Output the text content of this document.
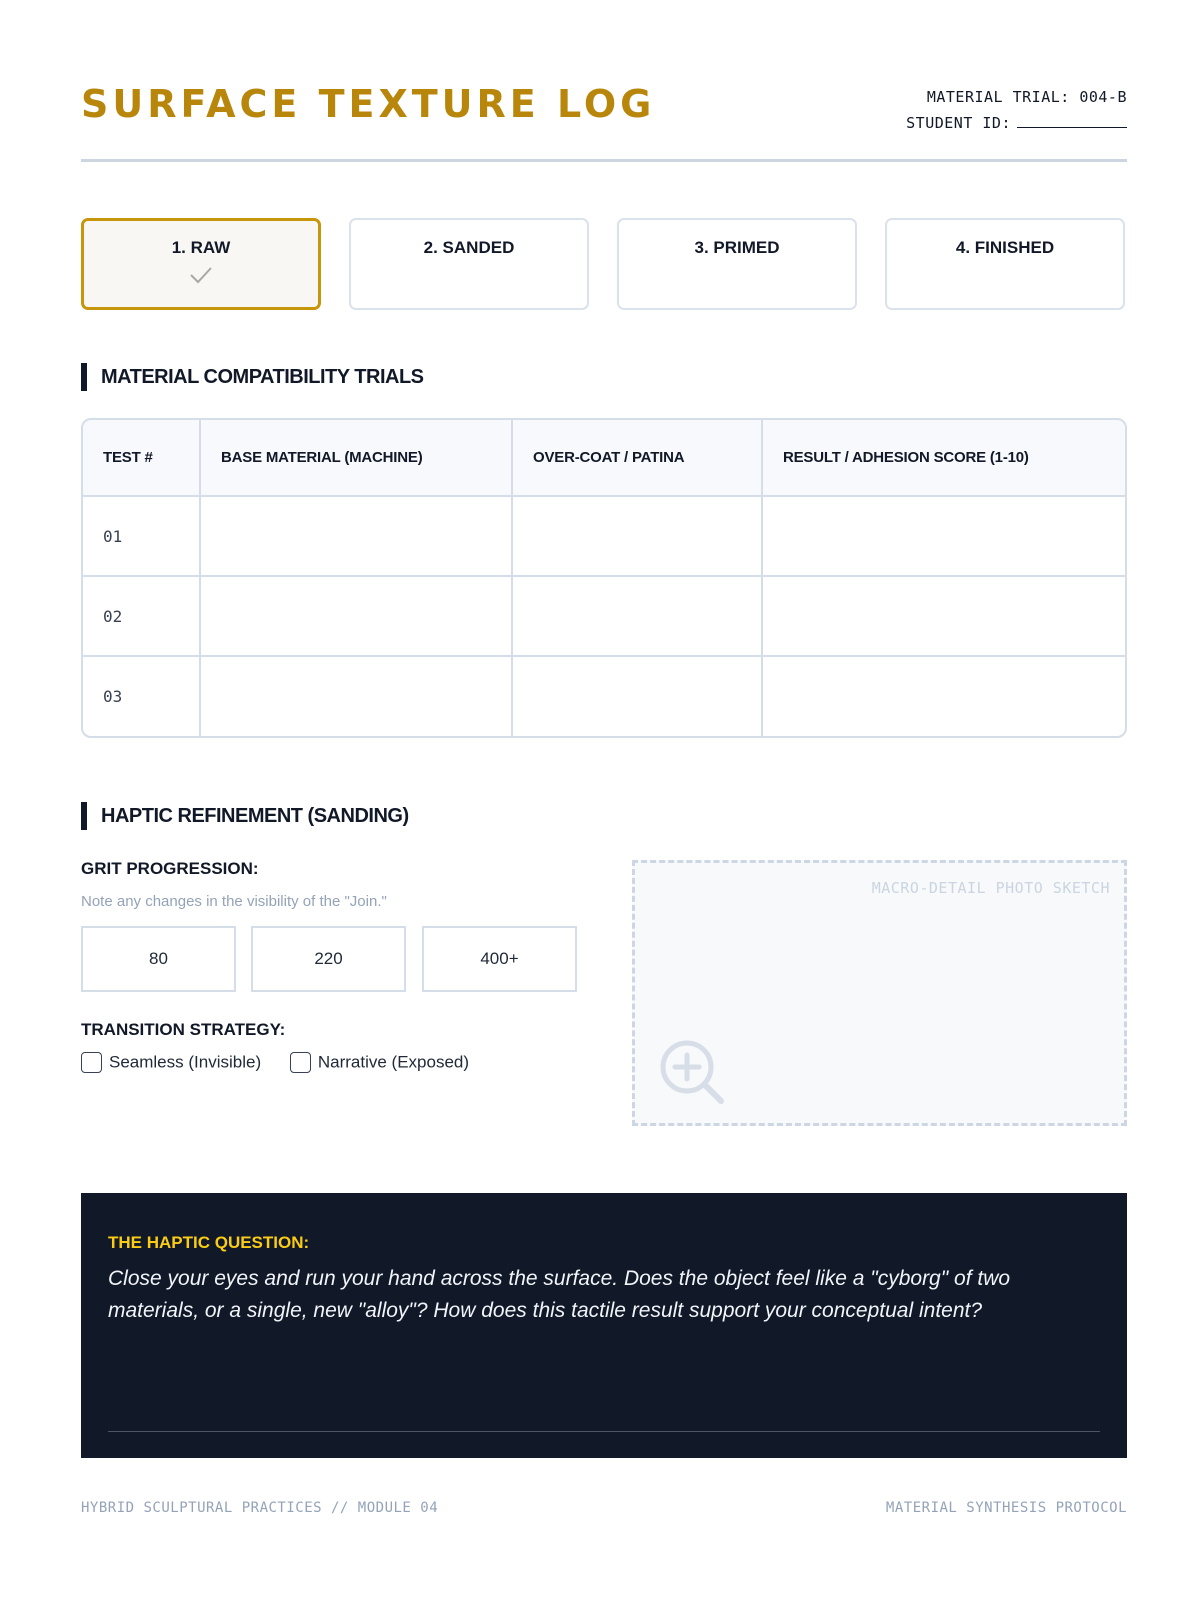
SURFACE TEXTURE LOG	MATERIAL TRIAL: 004-B
STUDENT ID:
1. RAW	2. SANDED	3. PRIMED	4. FINISHED
MATERIAL COMPATIBILITY TRIALS
TEST #	BASE MATERIAL (MACHINE)	OVER-COAT / PATINA	RESULT / ADHESION SCORE (1-10)
01			
02			
03			
HAPTIC REFINEMENT (SANDING)
GRIT PROGRESSION:
Note any changes in the visibility of the "Join."
80	220	400+
TRANSITION STRATEGY:
Seamless (Invisible)	Narrative (Exposed)
MACRO-DETAIL PHOTO SKETCH
THE HAPTIC QUESTION:
Close your eyes and run your hand across the surface. Does the object feel like a "cyborg" of two materials, or a single, new "alloy"? How does this tactile result support your conceptual intent?
HYBRID SCULPTURAL PRACTICES // MODULE 04	MATERIAL SYNTHESIS PROTOCOL
